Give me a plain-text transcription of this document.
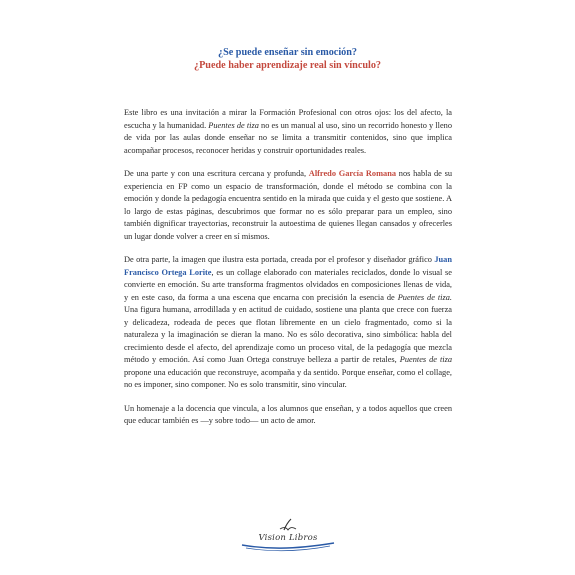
¿Se puede enseñar sin emoción?
¿Puede haber aprendizaje real sin vínculo?

Este libro es una invitación a mirar la Formación Profesional con otros ojos: los del afecto, la escucha y la humanidad. Puentes de tiza no es un manual al uso, sino un recorrido honesto y lleno de vida por las aulas donde enseñar no se limita a transmitir contenidos, sino que implica acompañar procesos, reconocer heridas y construir oportunidades reales.

De una parte y con una escritura cercana y profunda, Alfredo García Romana nos habla de su experiencia en FP como un espacio de transformación, donde el método se combina con la emoción y donde la pedagogía encuentra sentido en la mirada que cuida y el gesto que sostiene. A lo largo de estas páginas, descubrimos que formar no es sólo preparar para un empleo, sino también dignificar trayectorias, reconstruir la autoestima de quienes llegan cansados y ofrecerles un lugar donde volver a creer en sí mismos.

De otra parte, la imagen que ilustra esta portada, creada por el profesor y diseñador gráfico Juan Francisco Ortega Lorite, es un collage elaborado con materiales reciclados, donde lo visual se convierte en emoción. Su arte transforma fragmentos olvidados en composiciones llenas de vida, y en este caso, da forma a una escena que encarna con precisión la esencia de Puentes de tiza. Una figura humana, arrodillada y en actitud de cuidado, sostiene una planta que crece con fuerza y delicadeza, rodeada de peces que flotan libremente en un cielo fragmentado, como si la naturaleza y la imaginación se dieran la mano. No es sólo decorativa, sino simbólica: habla del crecimiento desde el afecto, del aprendizaje como un proceso vital, de la pedagogía que mezcla método y emoción. Así como Juan Ortega construye belleza a partir de retales, Puentes de tiza propone una educación que reconstruye, acompaña y da sentido. Porque enseñar, como el collage, no es imponer, sino componer. No es solo transmitir, sino vincular.

Un homenaje a la docencia que vincula, a los alumnos que enseñan, y a todos aquellos que creen que educar también es —y sobre todo— un acto de amor.

Vision Libros
